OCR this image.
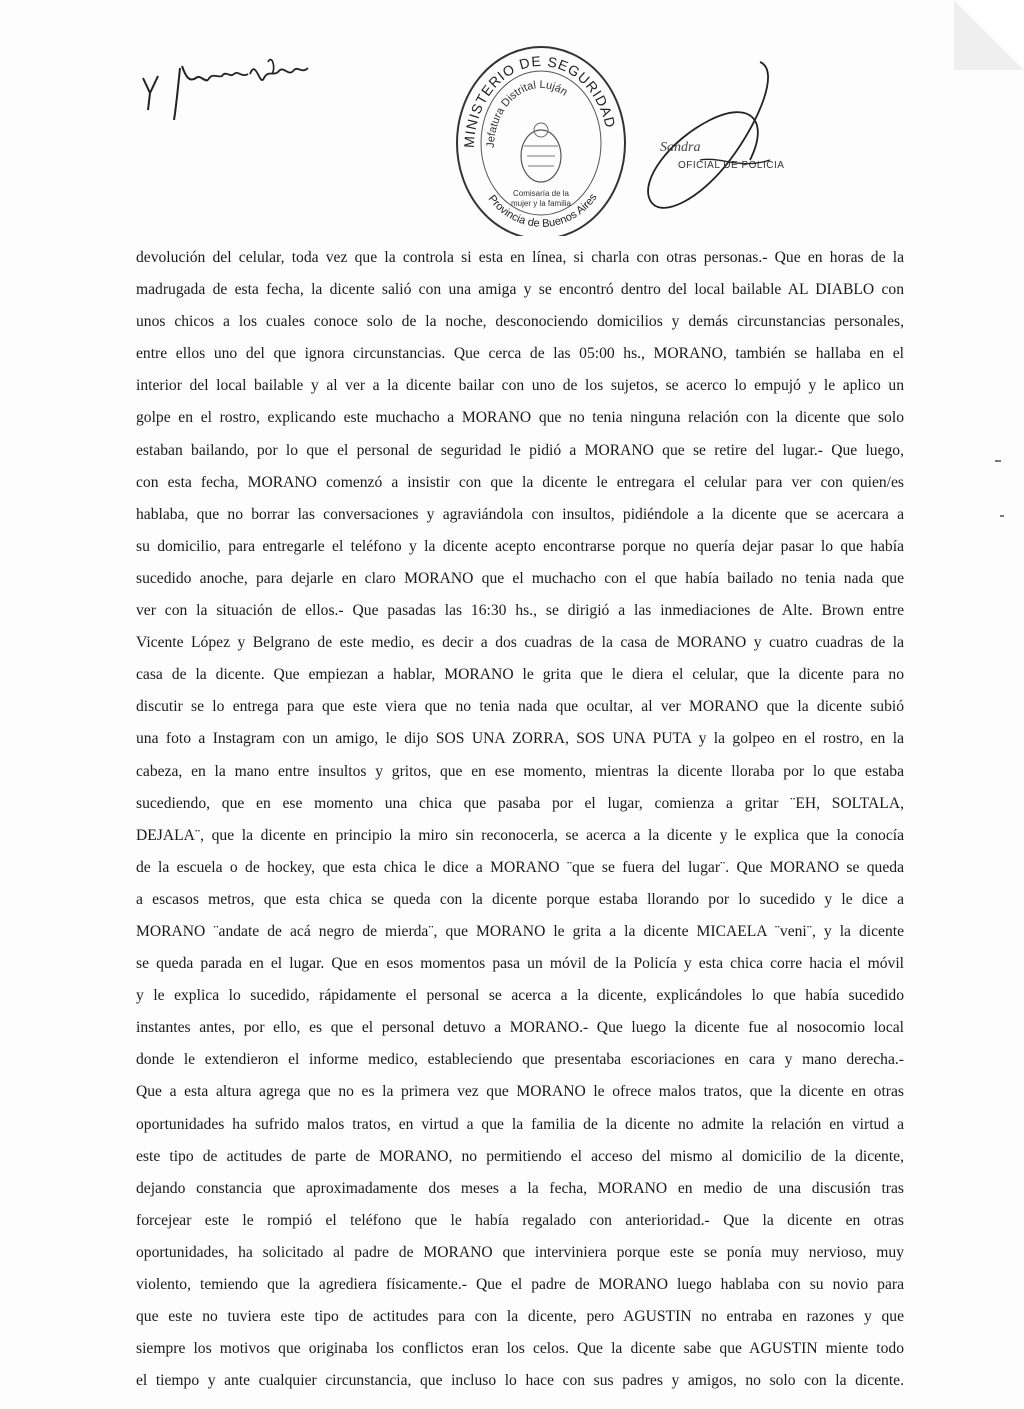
MINISTERIO DE SEGURIDAD
Jefatura Distrital Luján
Comisaría de la
mujer y la familia
Provincia de Buenos Aires
Sandra
OFICIAL DE POLICIA
devolución del celular, toda vez que la controla si esta en línea, si charla con otras personas.- Que en horas de la
madrugada de esta fecha, la dicente salió con una amiga y se encontró dentro del local bailable AL DIABLO con
unos chicos a los cuales conoce solo de la noche, desconociendo domicilios y demás circunstancias personales,
entre ellos uno del que ignora circunstancias. Que cerca de las 05:00 hs., MORANO, también se hallaba en el
interior del local bailable y al ver a la dicente bailar con uno de los sujetos, se acerco lo empujó y le aplico un
golpe en el rostro, explicando este muchacho a MORANO que no tenia ninguna relación con la dicente que solo
estaban bailando, por lo que el personal de seguridad le pidió a MORANO que se retire del lugar.- Que luego,
con esta fecha, MORANO comenzó a insistir con que la dicente le entregara el celular para ver con quien/es
hablaba, que no borrar las conversaciones y agraviándola con insultos, pidiéndole a la dicente que se acercara a
su domicilio, para entregarle el teléfono y la dicente acepto encontrarse porque no quería dejar pasar lo que había
sucedido anoche, para dejarle en claro MORANO que el muchacho con el que había bailado no tenia nada que
ver con la situación de ellos.- Que pasadas las 16:30 hs., se dirigió a las inmediaciones de Alte. Brown entre
Vicente López y Belgrano de este medio, es decir a dos cuadras de la casa de MORANO y cuatro cuadras de la
casa de la dicente. Que empiezan a hablar, MORANO le grita que le diera el celular, que la dicente para no
discutir se lo entrega para que este viera que no tenia nada que ocultar, al ver MORANO que la dicente subió
una foto a Instagram con un amigo, le dijo SOS UNA ZORRA, SOS UNA PUTA y la golpeo en el rostro, en la
cabeza, en la mano entre insultos y gritos, que en ese momento, mientras la dicente lloraba por lo que estaba
sucediendo, que en ese momento una chica que pasaba por el lugar, comienza a gritar ¨EH, SOLTALA,
DEJALA¨, que la dicente en principio la miro sin reconocerla, se acerca a la dicente y le explica que la conocía
de la escuela o de hockey, que esta chica le dice a MORANO ¨que se fuera del lugar¨. Que MORANO se queda
a escasos metros, que esta chica se queda con la dicente porque estaba llorando por lo sucedido y le dice a
MORANO ¨andate de acá negro de mierda¨, que MORANO le grita a la dicente MICAELA ¨veni¨, y la dicente
se queda parada en el lugar. Que en esos momentos pasa un móvil de la Policía y esta chica corre hacia el móvil
y le explica lo sucedido, rápidamente el personal se acerca a la dicente, explicándoles lo que había sucedido
instantes antes, por ello, es que el personal detuvo a MORANO.- Que luego la dicente fue al nosocomio local
donde le extendieron el informe medico, estableciendo que presentaba escoriaciones en cara y mano derecha.-
Que a esta altura agrega que no es la primera vez que MORANO le ofrece malos tratos, que la dicente en otras
oportunidades ha sufrido malos tratos, en virtud a que la familia de la dicente no admite la relación en virtud a
este tipo de actitudes de parte de MORANO, no permitiendo el acceso del mismo al domicilio de la dicente,
dejando constancia que aproximadamente dos meses a la fecha, MORANO en medio de una discusión tras
forcejear este le rompió el teléfono que le había regalado con anterioridad.- Que la dicente en otras
oportunidades, ha solicitado al padre de MORANO que interviniera porque este se ponía muy nervioso, muy
violento, temiendo que la agrediera físicamente.- Que el padre de MORANO luego hablaba con su novio para
que este no tuviera este tipo de actitudes para con la dicente, pero AGUSTIN no entraba en razones y que
siempre los motivos que originaba los conflictos eran los celos. Que la dicente sabe que AGUSTIN miente todo
el tiempo y ante cualquier circunstancia, que incluso lo hace con sus padres y amigos, no solo con la dicente.
